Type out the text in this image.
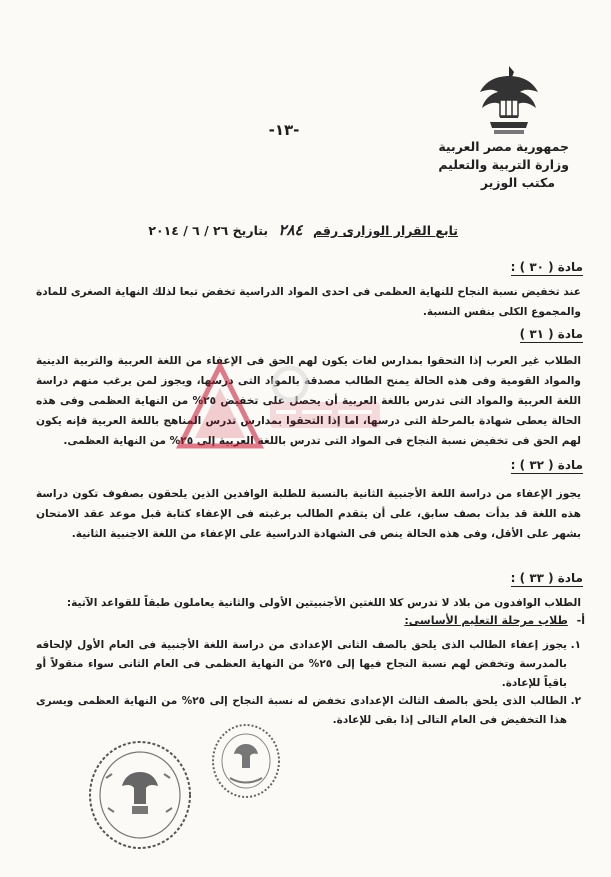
-١٣-
جمهورية مصر العربية
وزارة التربية والتعليم
مكتب الوزير
تابع القرار الوزارى رقم ٢٨٤ بتاريخ ٢٦ / ٦ / ٢٠١٤
مادة ( ٣٠ ) :
عند تخفيض نسبة النجاح للنهاية العظمى فى احدى المواد الدراسية تخفض تبعا لذلك النهاية الصغرى للمادة والمجموع الكلى بنفس النسبة.
مادة ( ٣١ )
الطلاب غير العرب إذا التحقوا بمدارس لغات يكون لهم الحق فى الإعفاء من اللغة العربية والتربية الدينية والمواد القومية وفى هذه الحالة يمنح الطالب مصدقة بالمواد التى درسها، ويجوز لمن يرغب منهم دراسة اللغة العربية والمواد التى تدرس باللغة العربية أن يحصل على تخفيض ٢٥% من النهاية العظمى وفى هذه الحالة يعطى شهادة بالمرحلة التى درسها، اما إذا التحقوا بمدارس تدرس المناهج باللغة العربية فإنه يكون لهم الحق فى تخفيض نسبة النجاح فى المواد التى تدرس باللغة العربية إلى ٢٥% من النهاية العظمى.
مادة ( ٣٢ ) :
يجوز الإعفاء من دراسة اللغة الأجنبية الثانية بالنسبة للطلبة الوافدين الذين يلحقون بصفوف تكون دراسة هذه اللغة قد بدأت بصف سابق، على أن يتقدم الطالب برغبته فى الإعفاء كتابة قبل موعد عقد الامتحان بشهر على الأقل، وفى هذه الحالة ينص فى الشهادة الدراسية على الإعفاء من اللغة الاجنبية الثانية.
مادة ( ٣٣ ) :
الطلاب الوافدون من بلاد لا تدرس كلا اللغتين الأجنبيتين الأولى والثانية يعاملون طبقاً للقواعد الآتية:
أ- طلاب مرحلة التعليم الأساسى:
١.
يجوز إعفاء الطالب الذى يلحق بالصف الثانى الإعدادى من دراسة اللغة الأجنبية فى العام الأول لإلحاقه بالمدرسة وتخفض لهم نسبة النجاح فيها إلى ٢٥% من النهاية العظمى فى العام الثانى سواء منقولاً أو باقياً للإعادة.
٢.
الطالب الذى يلحق بالصف الثالث الإعدادى تخفض له نسبة النجاح إلى ٢٥% من النهاية العظمى ويسرى هذا التخفيض فى العام التالى إذا بقى للإعادة.
